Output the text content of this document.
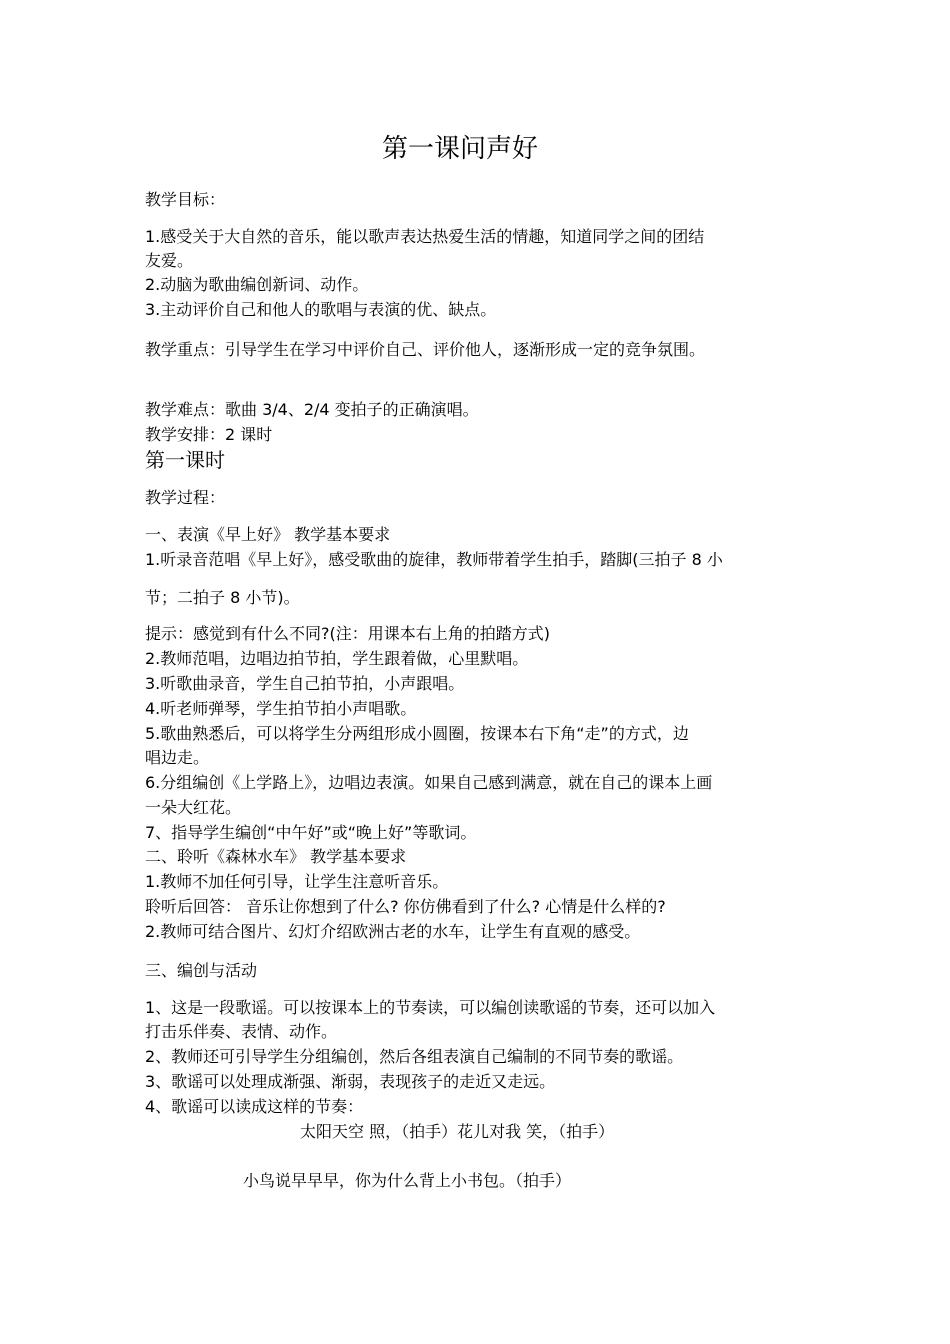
第一课问声好
教学目标：
1.感受关于大自然的音乐，能以歌声表达热爱生活的情趣，知道同学之间的团结
友爱。
2.动脑为歌曲编创新词、动作。
3.主动评价自己和他人的歌唱与表演的优、缺点。
教学重点：引导学生在学习中评价自己、评价他人，逐渐形成一定的竞争氛围。
教学难点：歌曲 3/4、2/4 变拍子的正确演唱。
教学安排：2 课时
第一课时
教学过程：
一、表演《早上好》 教学基本要求
1.听录音范唱《早上好》，感受歌曲的旋律，教师带着学生拍手，踏脚(三拍子 8 小
节；二拍子 8 小节)。
提示：感觉到有什么不同?(注：用课本右上角的拍踏方式)
2.教师范唱，边唱边拍节拍，学生跟着做，心里默唱。
3.听歌曲录音，学生自己拍节拍，小声跟唱。
4.听老师弹琴，学生拍节拍小声唱歌。
5.歌曲熟悉后，可以将学生分两组形成小圆圈，按课本右下角“走”的方式，边
唱边走。
6.分组编创《上学路上》，边唱边表演。如果自己感到满意，就在自己的课本上画
一朵大红花。
7、指导学生编创“中午好”或“晚上好”等歌词。
二、聆听《森林水车》 教学基本要求
1.教师不加任何引导，让学生注意听音乐。
聆听后回答： 音乐让你想到了什么? 你仿佛看到了什么? 心情是什么样的?
2.教师可结合图片、幻灯介绍欧洲古老的水车，让学生有直观的感受。
三、编创与活动
1、这是一段歌谣。可以按课本上的节奏读，可以编创读歌谣的节奏，还可以加入
打击乐伴奏、表情、动作。
2、教师还可引导学生分组编创，然后各组表演自己编制的不同节奏的歌谣。
3、歌谣可以处理成渐强、渐弱，表现孩子的走近又走远。
4、歌谣可以读成这样的节奏：
太阳天空 照，（拍手）花儿对我 笑，（拍手）
小鸟说早早早，你为什么背上小书包。（拍手）
